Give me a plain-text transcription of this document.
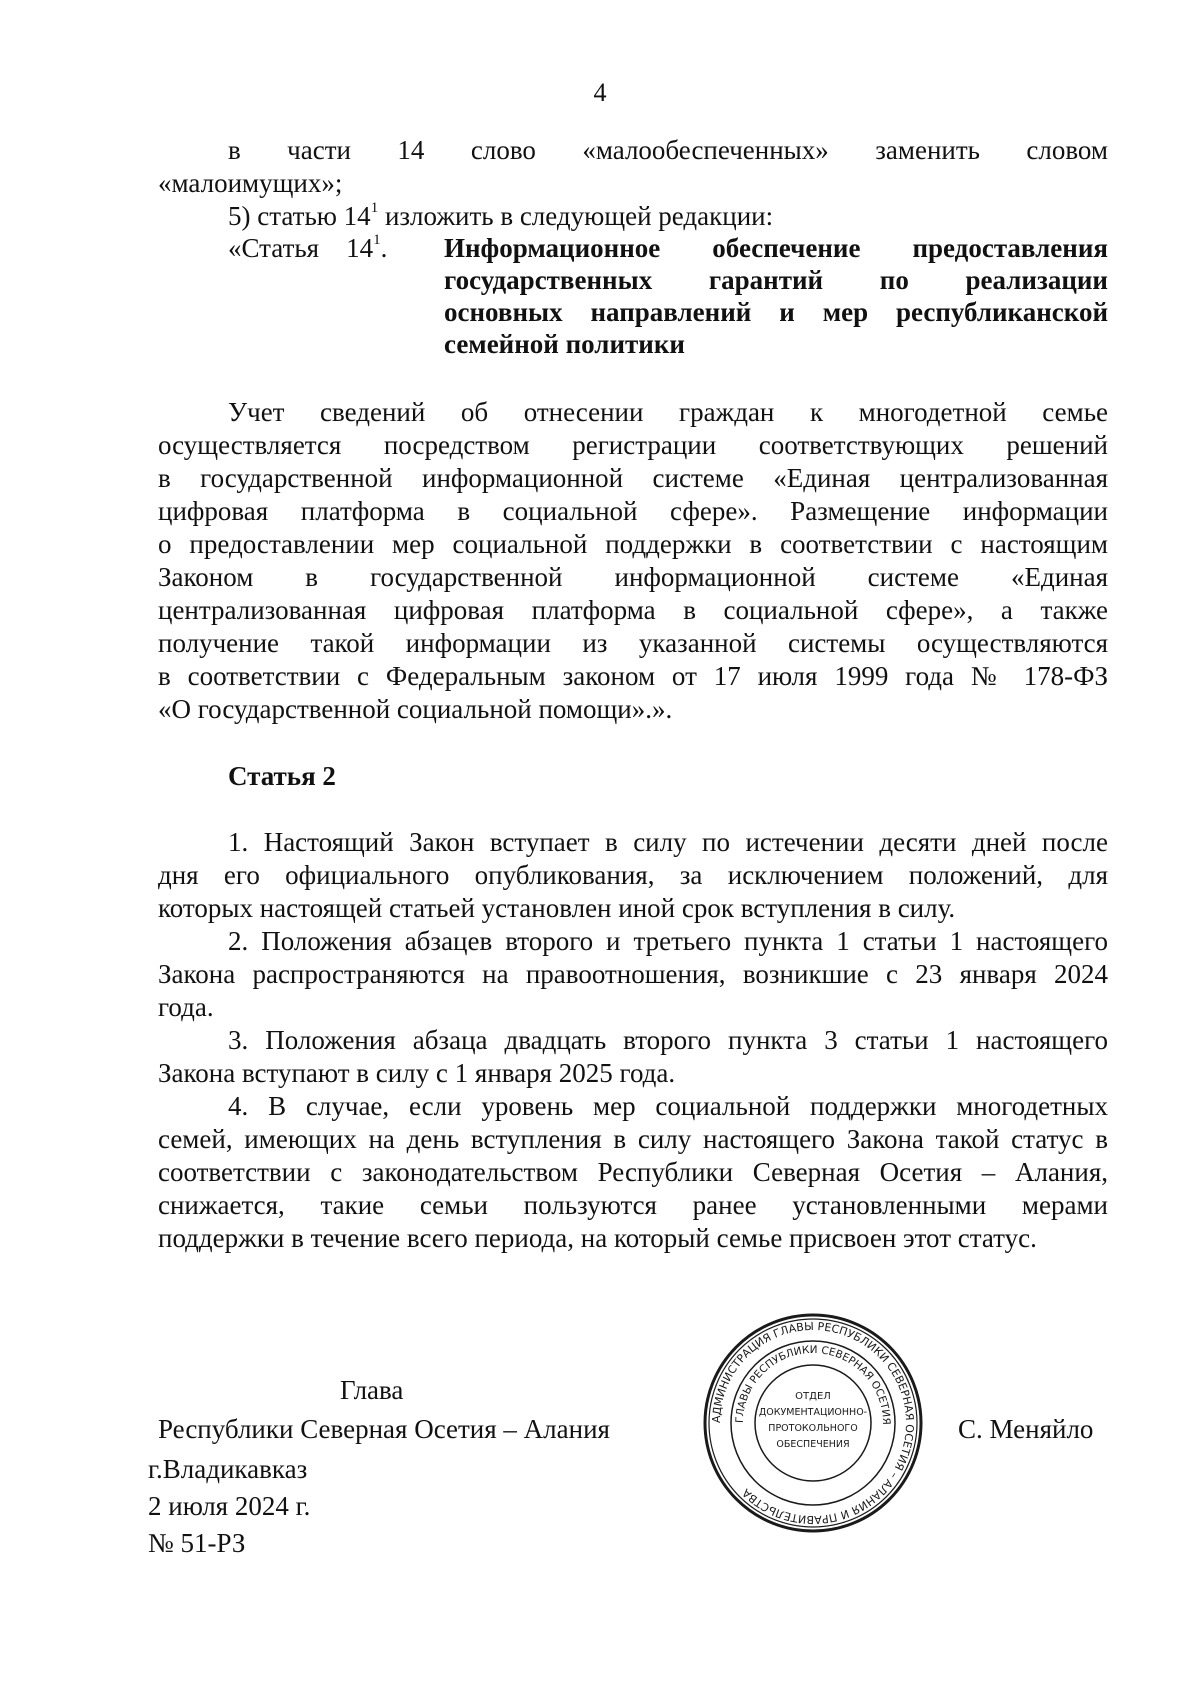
4
в части 14 слово «малообеспеченных» заменить словом
«малоимущих»;
5) статью $14^1$ изложить в следующей редакции:
«Статья $14^1$. Информационное обеспечение предоставления
государственных гарантий по реализации
основных направлений и мер республиканской
семейной политики
Учет сведений об отнесении граждан к многодетной семье
осуществляется посредством регистрации соответствующих решений
в государственной информационной системе «Единая централизованная
цифровая платформа в социальной сфере». Размещение информации
о предоставлении мер социальной поддержки в соответствии с настоящим
Законом в государственной информационной системе «Единая
централизованная цифровая платформа в социальной сфере», а также
получение такой информации из указанной системы осуществляются
в соответствии с Федеральным законом от 17 июля 1999 года № 178-ФЗ
«О государственной социальной помощи».».
Статья 2
1. Настоящий Закон вступает в силу по истечении десяти дней после
дня его официального опубликования, за исключением положений, для
которых настоящей статьей установлен иной срок вступления в силу.
2. Положения абзацев второго и третьего пункта 1 статьи 1 настоящего
Закона распространяются на правоотношения, возникшие с 23 января 2024
года.
3. Положения абзаца двадцать второго пункта 3 статьи 1 настоящего
Закона вступают в силу с 1 января 2025 года.
4. В случае, если уровень мер социальной поддержки многодетных
семей, имеющих на день вступления в силу настоящего Закона такой статус в
соответствии с законодательством Республики Северная Осетия – Алания,
снижается, такие семьи пользуются ранее установленными мерами
поддержки в течение всего периода, на который семье присвоен этот статус.
Глава
Республики Северная Осетия – Алания	С. Меняйло
г.Владикавказ
2 июля 2024 г.
№ 51-РЗ
АДМИНИСТРАЦИЯ ГЛАВЫ РЕСПУБЛИКИ СЕВЕРНАЯ ОСЕТИЯ – АЛАНИЯ И ПРАВИТЕЛЬСТВА
ГЛАВЫ РЕСПУБЛИКИ СЕВЕРНАЯ ОСЕТИЯ
ОТДЕЛ
ДОКУМЕНТАЦИОННО-
ПРОТОКОЛЬНОГО
ОБЕСПЕЧЕНИЯ
